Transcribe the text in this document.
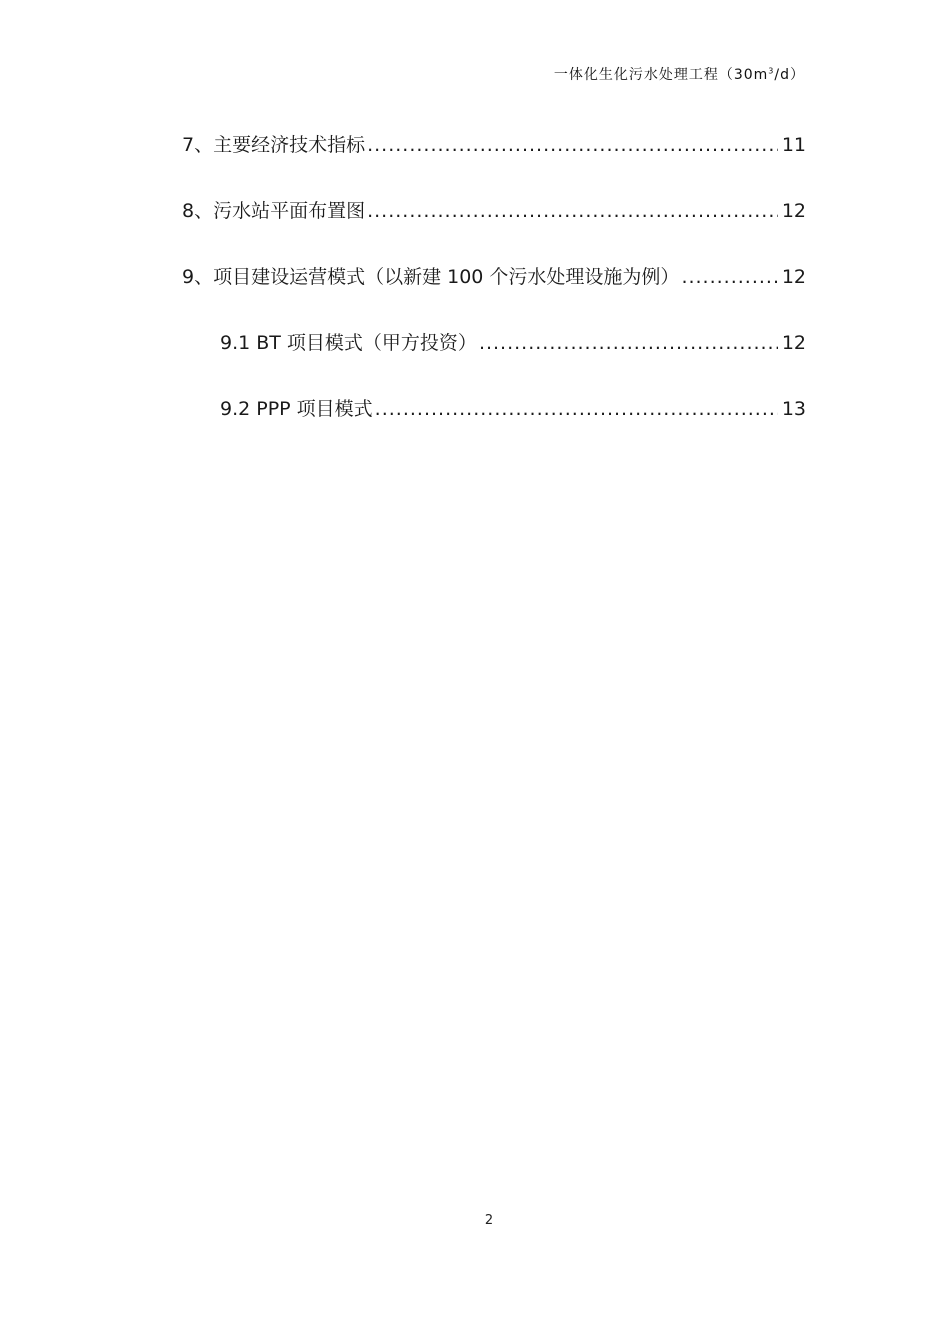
一体化生化污水处理工程$(30m^3/d)$
7、主要经济技术指标 .....	11
8、污水站平面布置图 .....	12
9、项目建设运营模式（以新建 100 个污水处理设施为例） .....	12
9.1 BT 项目模式（甲方投资） .....	12
9.2 PPP 项目模式 .....	13
2
